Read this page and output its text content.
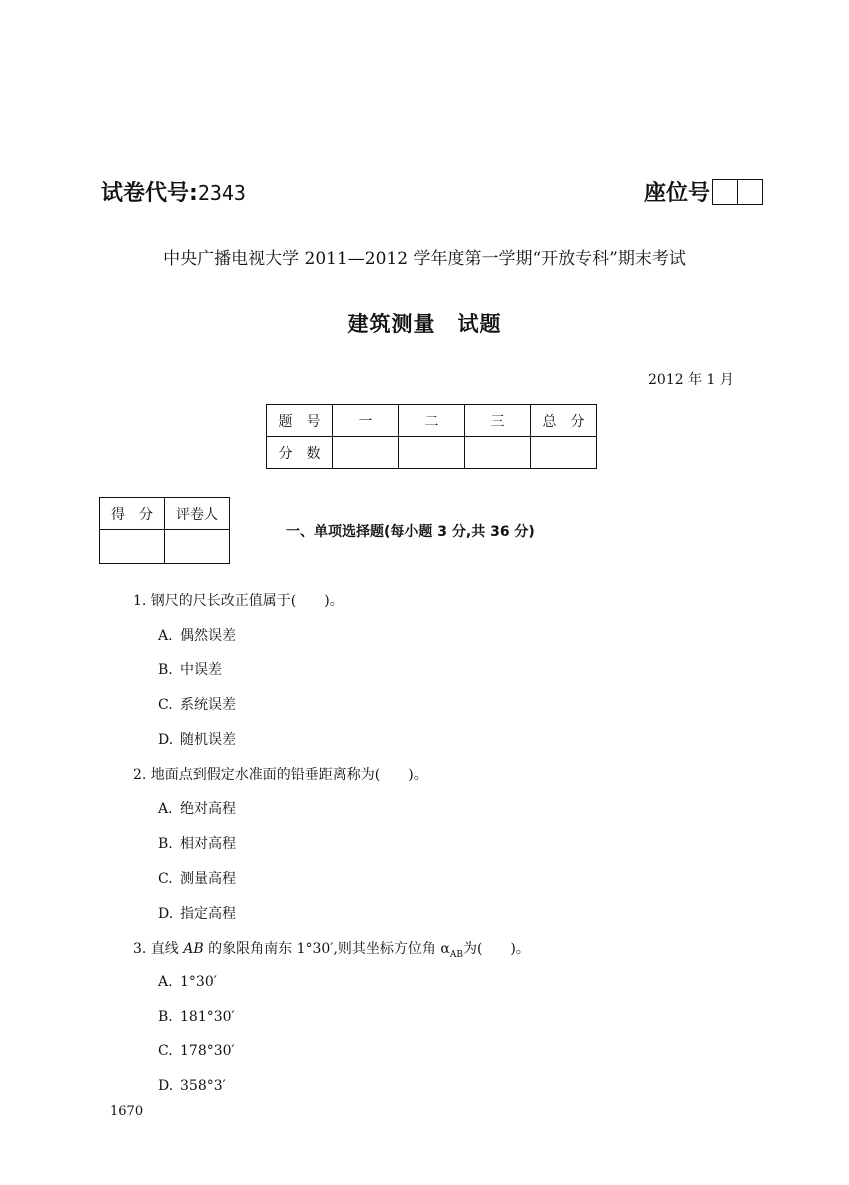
试卷代号:2343	座位号
中央广播电视大学 2011—2012 学年度第一学期“开放专科”期末考试
建筑测量　试题
2012 年 1 月
题　号	一	二	三	总　分
分　数				
得　分	评卷人

一、单项选择题(每小题 3 分,共 36 分)
1. 钢尺的尺长改正值属于(　　)。
A. 偶然误差
B. 中误差
C. 系统误差
D. 随机误差
2. 地面点到假定水准面的铅垂距离称为(　　)。
A. 绝对高程
B. 相对高程
C. 测量高程
D. 指定高程
3. 直线 AB 的象限角南东 1°30′,则其坐标方位角 $\alpha_{AB}$为(　　)。
A. 1°30′
B. 181°30′
C. 178°30′
D. 358°3′
1670
